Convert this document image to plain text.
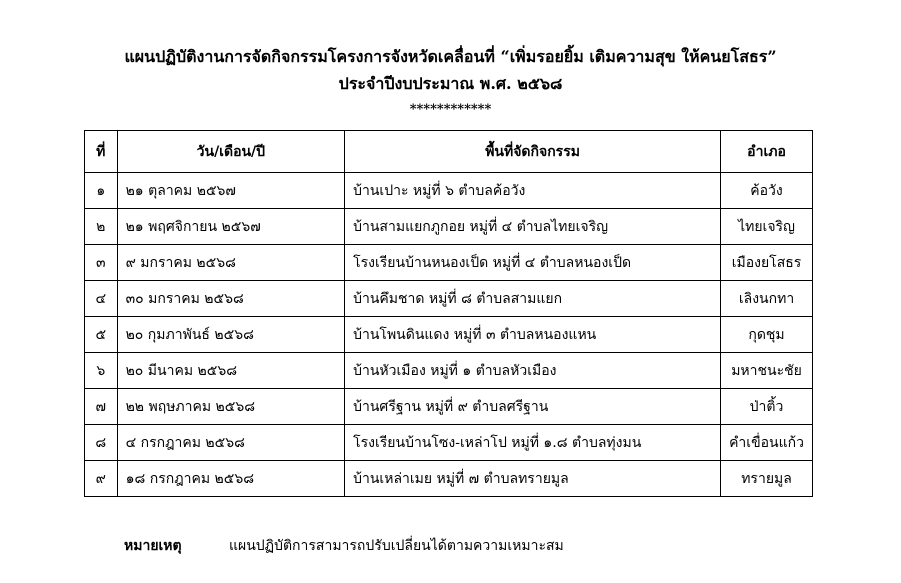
แผนปฏิบัติงานการจัดกิจกรรมโครงการจังหวัดเคลื่อนที่ “เพิ่มรอยยิ้ม เติมความสุข ให้คนยโสธร”
ประจำปีงบประมาณ พ.ศ. ๒๕๖๘
************
ที่	วัน/เดือน/ปี	พื้นที่จัดกิจกรรม	อำเภอ
๑	๒๑ ตุลาคม ๒๕๖๗	บ้านเปาะ หมู่ที่ ๖ ตำบลค้อวัง	ค้อวัง
๒	๒๑ พฤศจิกายน ๒๕๖๗	บ้านสามแยกภูกอย หมู่ที่ ๔ ตำบลไทยเจริญ	ไทยเจริญ
๓	๙ มกราคม ๒๕๖๘	โรงเรียนบ้านหนองเป็ด หมู่ที่ ๔ ตำบลหนองเป็ด	เมืองยโสธร
๔	๓๐ มกราคม ๒๕๖๘	บ้านคึมชาด หมู่ที่ ๘ ตำบลสามแยก	เลิงนกทา
๕	๒๐ กุมภาพันธ์ ๒๕๖๘	บ้านโพนดินแดง หมู่ที่ ๓ ตำบลหนองแหน	กุดชุม
๖	๒๐ มีนาคม ๒๕๖๘	บ้านหัวเมือง หมู่ที่ ๑ ตำบลหัวเมือง	มหาชนะชัย
๗	๒๒ พฤษภาคม ๒๕๖๘	บ้านศรีฐาน หมู่ที่ ๙ ตำบลศรีฐาน	ป่าติ้ว
๘	๔ กรกฎาคม ๒๕๖๘	โรงเรียนบ้านโซง-เหล่าโป หมู่ที่ ๑.๘ ตำบลทุ่งมน	คำเขื่อนแก้ว
๙	๑๘ กรกฎาคม ๒๕๖๘	บ้านเหล่าเมย หมู่ที่ ๗ ตำบลทรายมูล	ทรายมูล
หมายเหตุ	แผนปฏิบัติการสามารถปรับเปลี่ยนได้ตามความเหมาะสม
